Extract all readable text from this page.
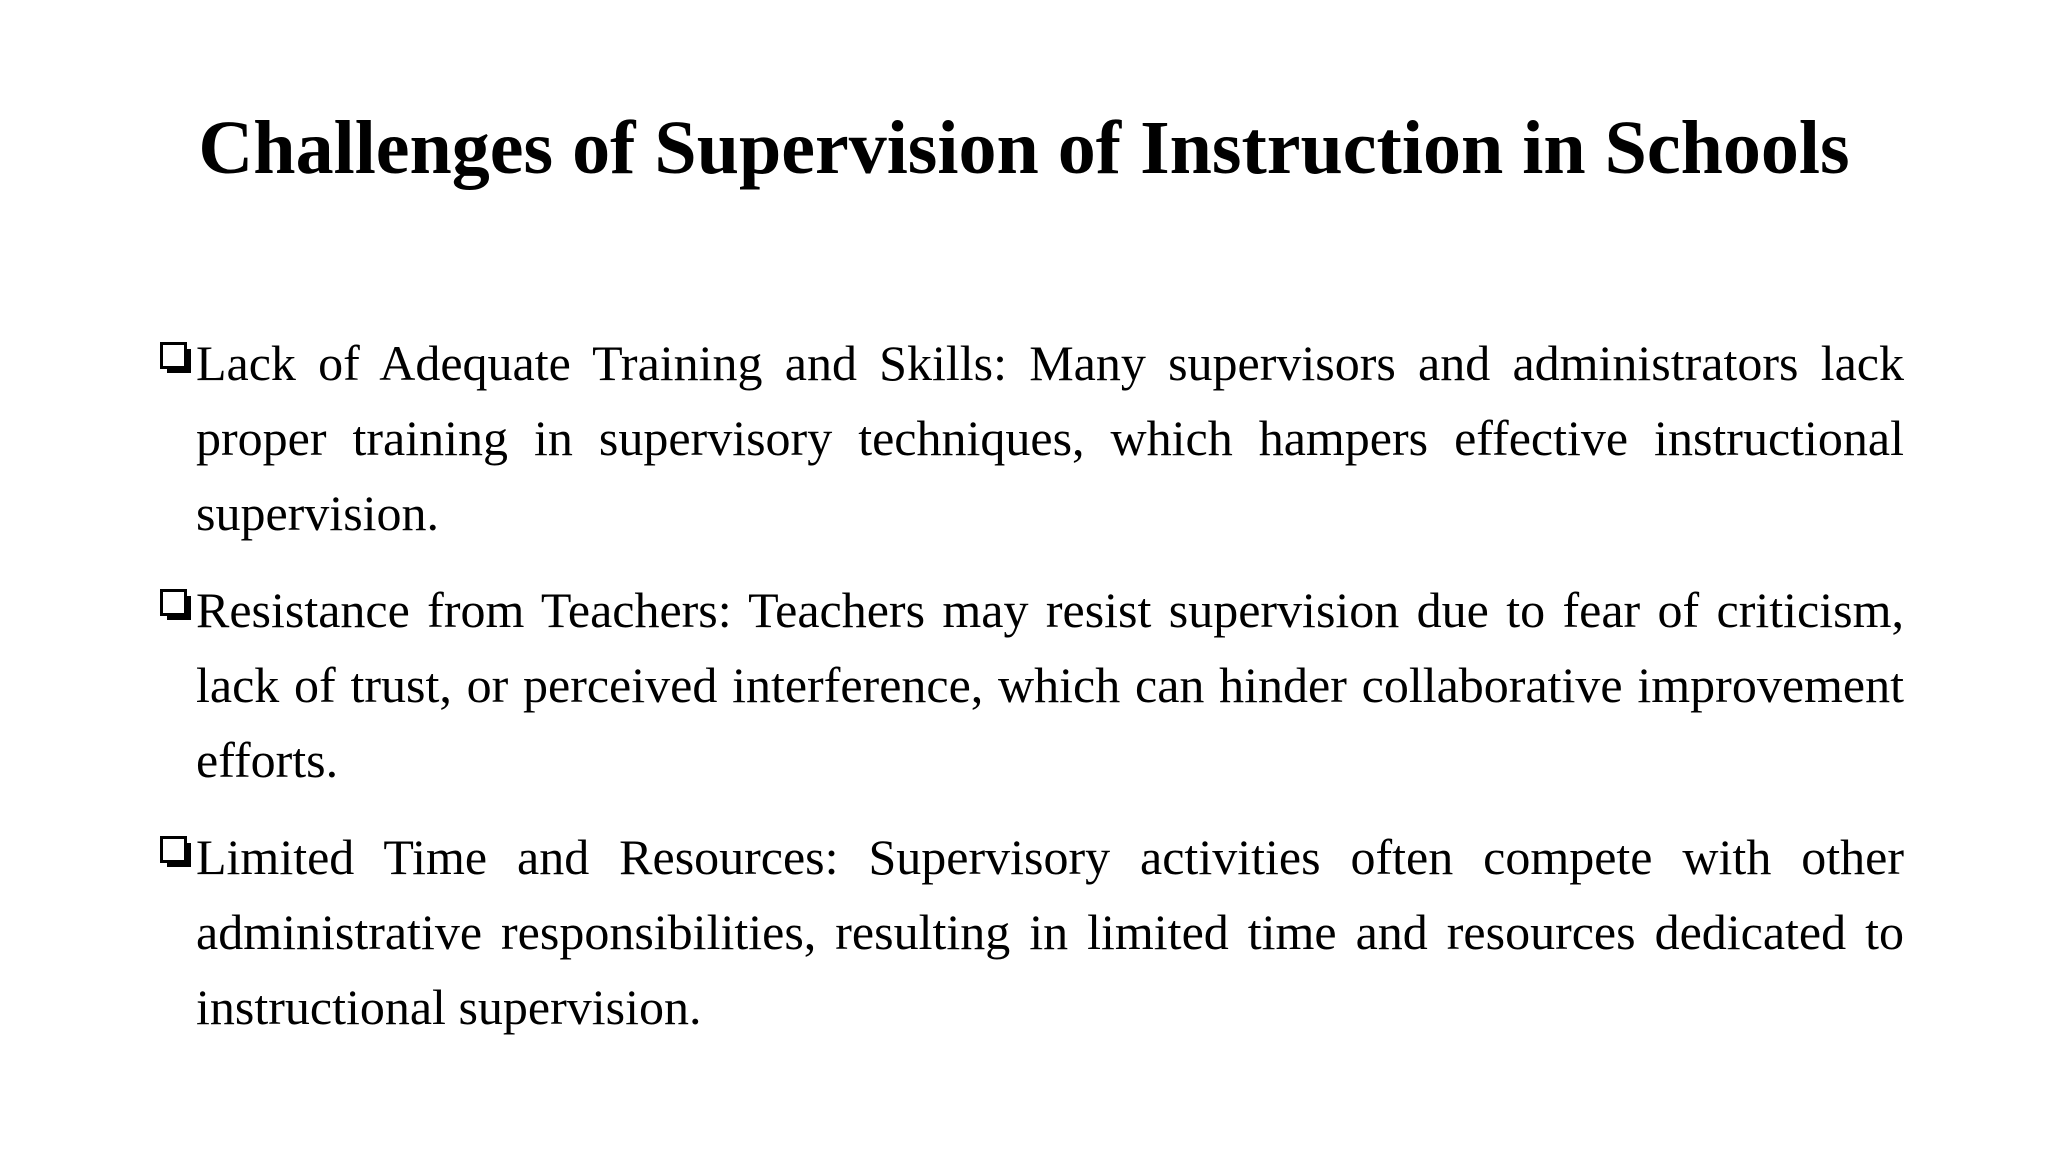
Challenges of Supervision of Instruction in Schools
Lack of Adequate Training and Skills: Many supervisors and administrators lack proper training in supervisory techniques, which hampers effective instructional supervision.
Resistance from Teachers: Teachers may resist supervision due to fear of criticism, lack of trust, or perceived interference, which can hinder collaborative improvement efforts.
Limited Time and Resources: Supervisory activities often compete with other administrative responsibilities, resulting in limited time and resources dedicated to instructional supervision.
